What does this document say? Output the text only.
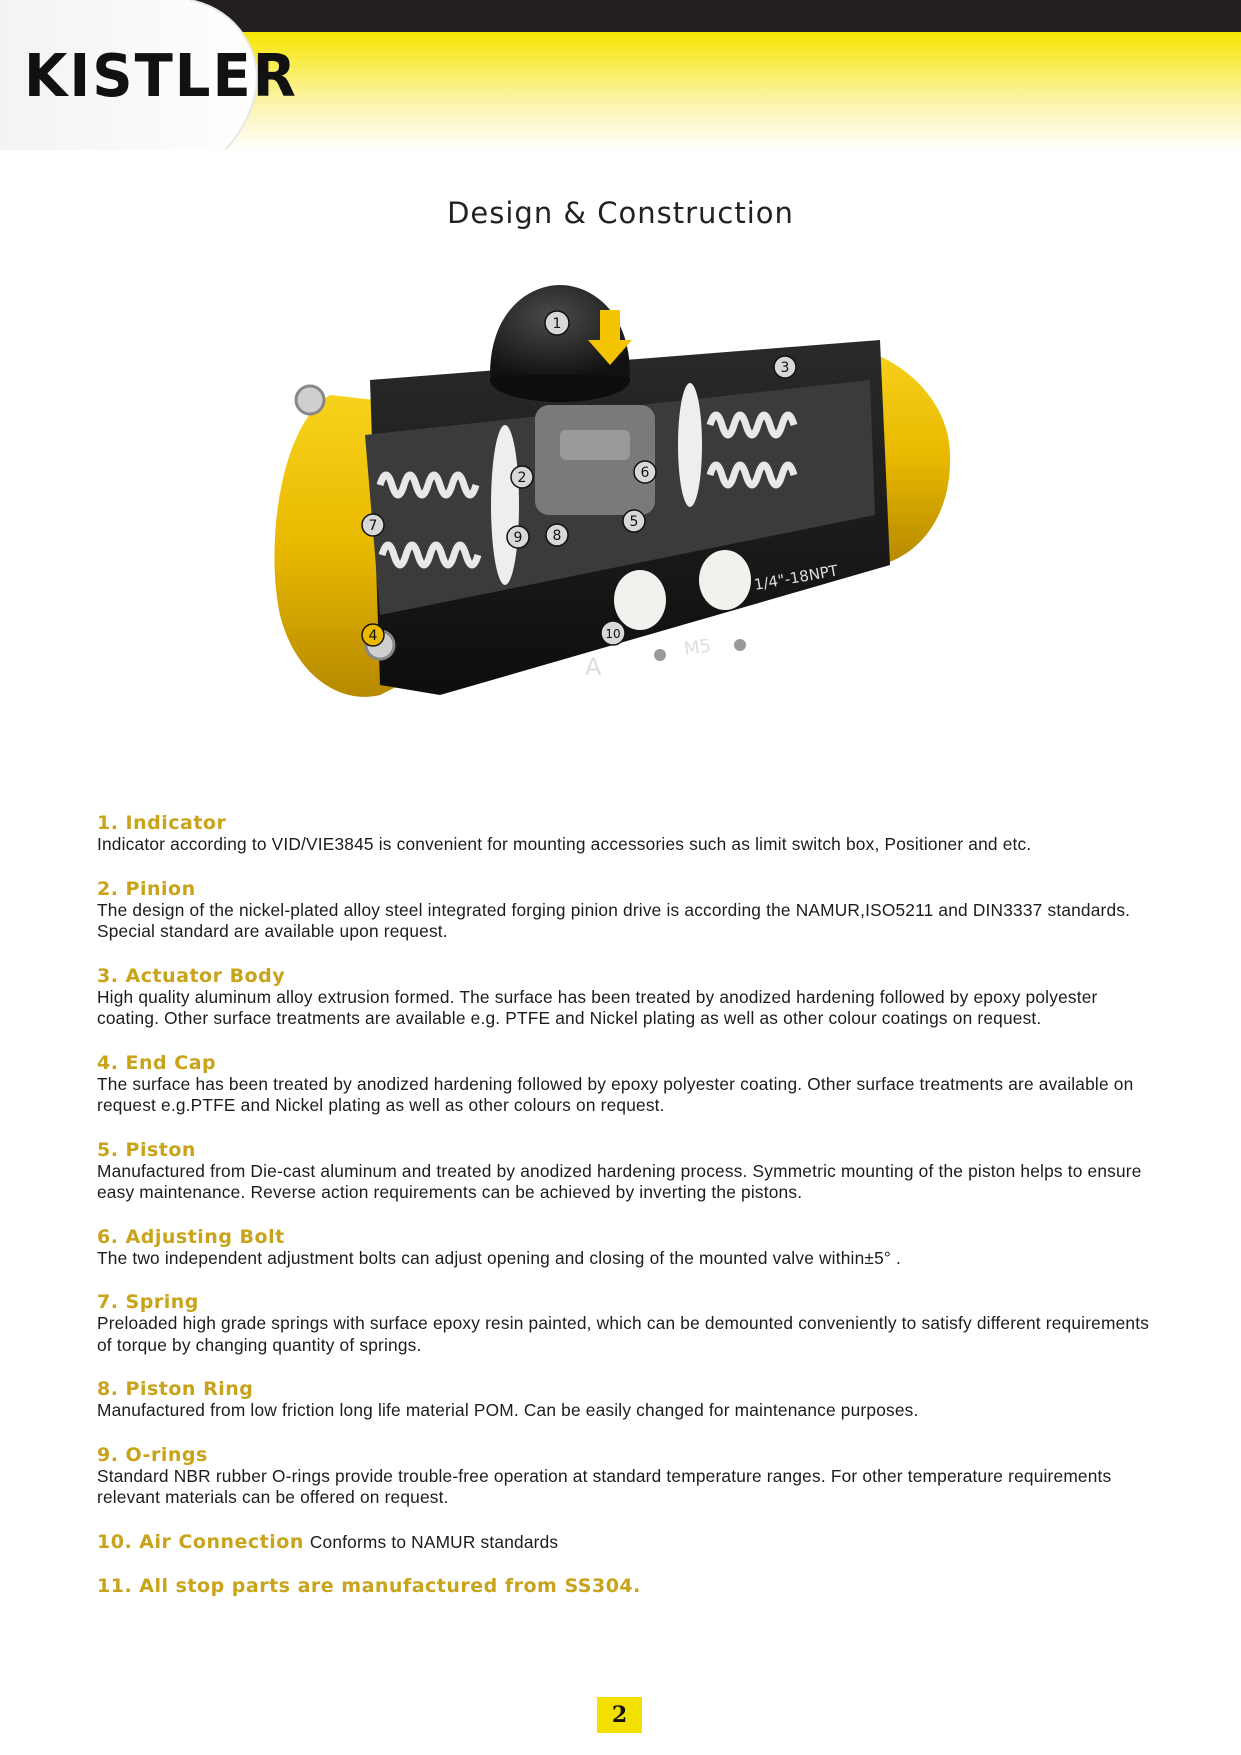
KISTLER
Design & Construction
1/4"-18NPT
A
M5
1
2
3
4
5
6
7
8
9
10
1. Indicator
Indicator according to VID/VIE3845 is convenient for mounting accessories such as limit switch box, Positioner and etc.
2. Pinion
The design of the nickel-plated alloy steel integrated forging pinion drive is according the NAMUR,ISO5211 and DIN3337 standards. Special standard are available upon request.
3. Actuator Body
High quality aluminum alloy extrusion formed. The surface has been treated by anodized hardening followed by epoxy polyester coating. Other surface treatments are available e.g. PTFE and Nickel plating as well as other colour coatings on request.
4. End Cap
The surface has been treated by anodized hardening followed by epoxy polyester coating. Other surface treatments are available on request e.g.PTFE and Nickel plating as well as other colours on request.
5. Piston
Manufactured from Die-cast aluminum and treated by anodized hardening process. Symmetric mounting of the piston helps to ensure easy maintenance. Reverse action requirements can be achieved by inverting the pistons.
6. Adjusting Bolt
The two independent adjustment bolts can adjust opening and closing of the mounted valve within±5° .
7. Spring
Preloaded high grade springs with surface epoxy resin painted, which can be demounted conveniently to satisfy different requirements of torque by changing quantity of springs.
8. Piston Ring
Manufactured from low friction long life material POM. Can be easily changed for maintenance purposes.
9. O-rings
Standard NBR rubber O-rings provide trouble-free operation at standard temperature ranges. For other temperature requirements relevant materials can be offered on request.
10. Air Connection Conforms to NAMUR standards
11. All stop parts are manufactured from SS304.
2
